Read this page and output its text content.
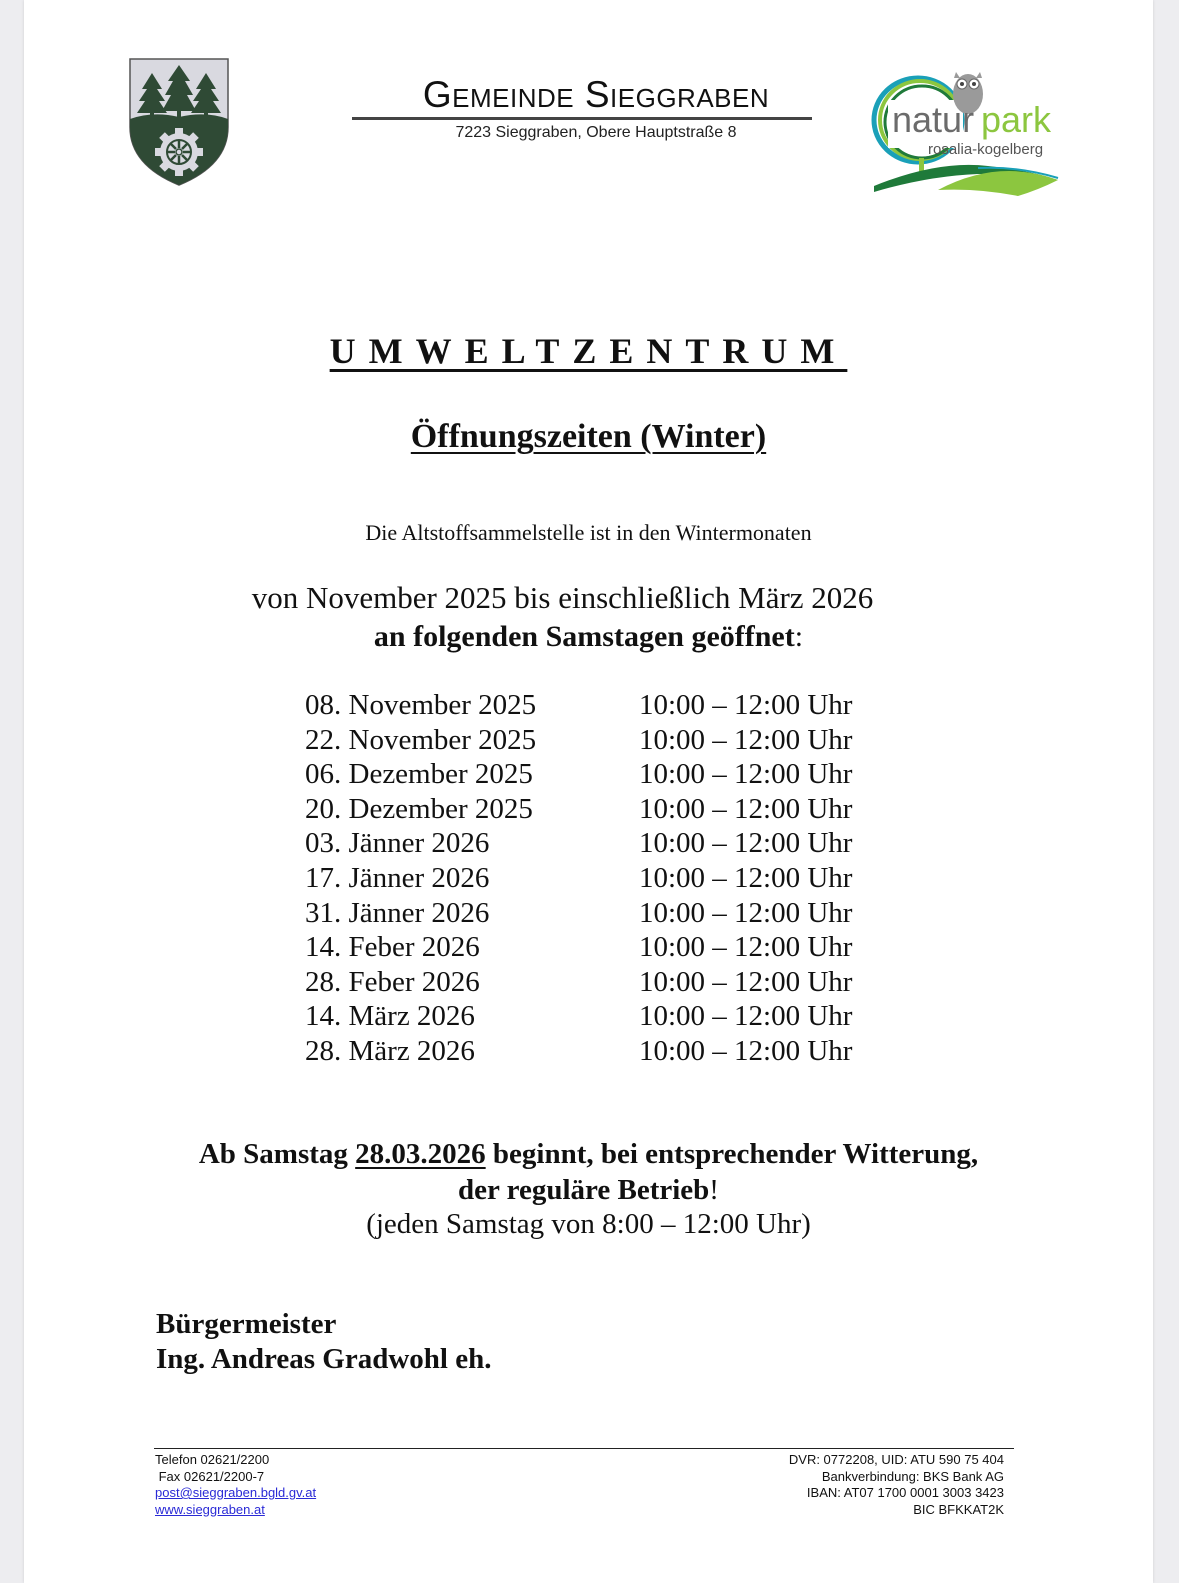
Gemeinde Sieggraben
7223 Sieggraben, Obere Hauptstraße 8	natur park
rosalia-kogelberg
UMWELTZENTRUM
Öffnungszeiten (Winter)
Die Altstoffsammelstelle ist in den Wintermonaten
von November 2025 bis einschließlich März 2026
an folgenden Samstagen geöffnet:
08. November 2025	10:00 – 12:00 Uhr
22. November 2025	10:00 – 12:00 Uhr
06. Dezember 2025	10:00 – 12:00 Uhr
20. Dezember 2025	10:00 – 12:00 Uhr
03. Jänner 2026	10:00 – 12:00 Uhr
17. Jänner 2026	10:00 – 12:00 Uhr
31. Jänner 2026	10:00 – 12:00 Uhr
14. Feber 2026	10:00 – 12:00 Uhr
28. Feber 2026	10:00 – 12:00 Uhr
14. März 2026	10:00 – 12:00 Uhr
28. März 2026	10:00 – 12:00 Uhr
Ab Samstag 28.03.2026 beginnt, bei entsprechender Witterung,
der reguläre Betrieb!
(jeden Samstag von 8:00 – 12:00 Uhr)
Bürgermeister
Ing. Andreas Gradwohl eh.
Telefon 02621/2200
Fax 02621/2200-7
post@sieggraben.bgld.gv.at
www.sieggraben.at
DVR: 0772208, UID: ATU 590 75 404
Bankverbindung: BKS Bank AG
IBAN: AT07 1700 0001 3003 3423
BIC BFKKAT2K
